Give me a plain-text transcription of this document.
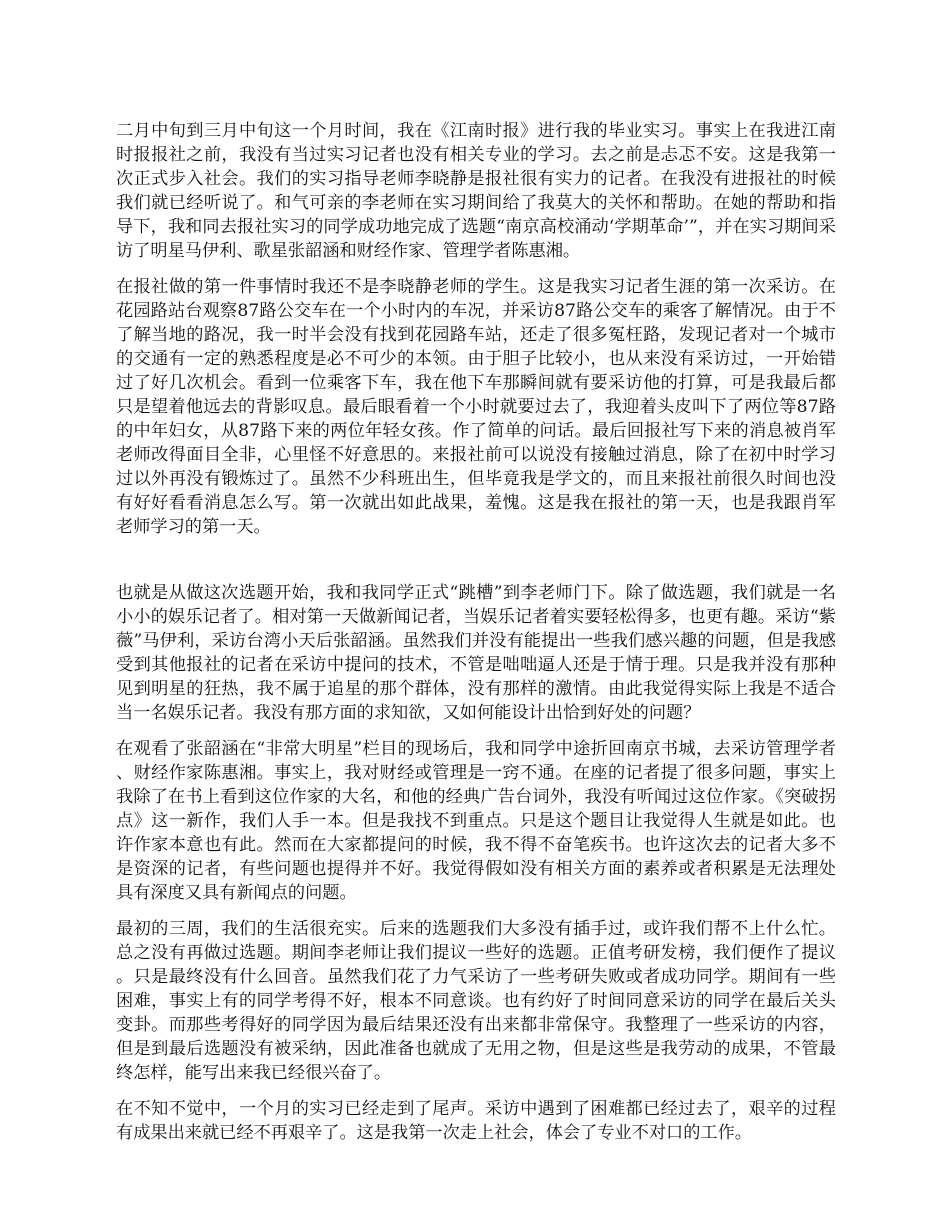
二月中旬到三月中旬这一个月时间，我在《江南时报》进行我的毕业实习。事实上在我进江南时报报社之前，我没有当过实习记者也没有相关专业的学习。去之前是忐忑不安。这是我第一次正式步入社会。我们的实习指导老师李晓静是报社很有实力的记者。在我没有进报社的时候我们就已经听说了。和气可亲的李老师在实习期间给了我莫大的关怀和帮助。在她的帮助和指导下，我和同去报社实习的同学成功地完成了选题“南京高校涌动‘学期革命’”，并在实习期间采访了明星马伊利、歌星张韶涵和财经作家、管理学者陈惠湘。

在报社做的第一件事情时我还不是李晓静老师的学生。这是我实习记者生涯的第一次采访。在花园路站台观察87路公交车在一个小时内的车况，并采访87路公交车的乘客了解情况。由于不了解当地的路况，我一时半会没有找到花园路车站，还走了很多冤枉路，发现记者对一个城市的交通有一定的熟悉程度是必不可少的本领。由于胆子比较小，也从来没有采访过，一开始错过了好几次机会。看到一位乘客下车，我在他下车那瞬间就有要采访他的打算，可是我最后都只是望着他远去的背影叹息。最后眼看着一个小时就要过去了，我迎着头皮叫下了两位等87路的中年妇女，从87路下来的两位年轻女孩。作了简单的问话。最后回报社写下来的消息被肖军老师改得面目全非，心里怪不好意思的。来报社前可以说没有接触过消息，除了在初中时学习过以外再没有锻炼过了。虽然不少科班出生，但毕竟我是学文的，而且来报社前很久时间也没有好好看看消息怎么写。第一次就出如此战果，羞愧。这是我在报社的第一天，也是我跟肖军老师学习的第一天。

也就是从做这次选题开始，我和我同学正式“跳槽”到李老师门下。除了做选题，我们就是一名小小的娱乐记者了。相对第一天做新闻记者，当娱乐记者着实要轻松得多，也更有趣。采访“紫薇”马伊利，采访台湾小天后张韶涵。虽然我们并没有能提出一些我们感兴趣的问题，但是我感受到其他报社的记者在采访中提问的技术，不管是咄咄逼人还是于情于理。只是我并没有那种见到明星的狂热，我不属于追星的那个群体，没有那样的激情。由此我觉得实际上我是不适合当一名娱乐记者。我没有那方面的求知欲，又如何能设计出恰到好处的问题？

在观看了张韶涵在“非常大明星”栏目的现场后，我和同学中途折回南京书城，去采访管理学者、财经作家陈惠湘。事实上，我对财经或管理是一窍不通。在座的记者提了很多问题，事实上我除了在书上看到这位作家的大名，和他的经典广告台词外，我没有听闻过这位作家。《突破拐点》这一新作，我们人手一本。但是我找不到重点。只是这个题目让我觉得人生就是如此。也许作家本意也有此。然而在大家都提问的时候，我不得不奋笔疾书。也许这次去的记者大多不是资深的记者，有些问题也提得并不好。我觉得假如没有相关方面的素养或者积累是无法理处具有深度又具有新闻点的问题。

最初的三周，我们的生活很充实。后来的选题我们大多没有插手过，或许我们帮不上什么忙。总之没有再做过选题。期间李老师让我们提议一些好的选题。正值考研发榜，我们便作了提议。只是最终没有什么回音。虽然我们花了力气采访了一些考研失败或者成功同学。期间有一些困难，事实上有的同学考得不好，根本不同意谈。也有约好了时间同意采访的同学在最后关头变卦。而那些考得好的同学因为最后结果还没有出来都非常保守。我整理了一些采访的内容，但是到最后选题没有被采纳，因此准备也就成了无用之物，但是这些是我劳动的成果，不管最终怎样，能写出来我已经很兴奋了。

在不知不觉中，一个月的实习已经走到了尾声。采访中遇到了困难都已经过去了，艰辛的过程有成果出来就已经不再艰辛了。这是我第一次走上社会，体会了专业不对口的工作。
